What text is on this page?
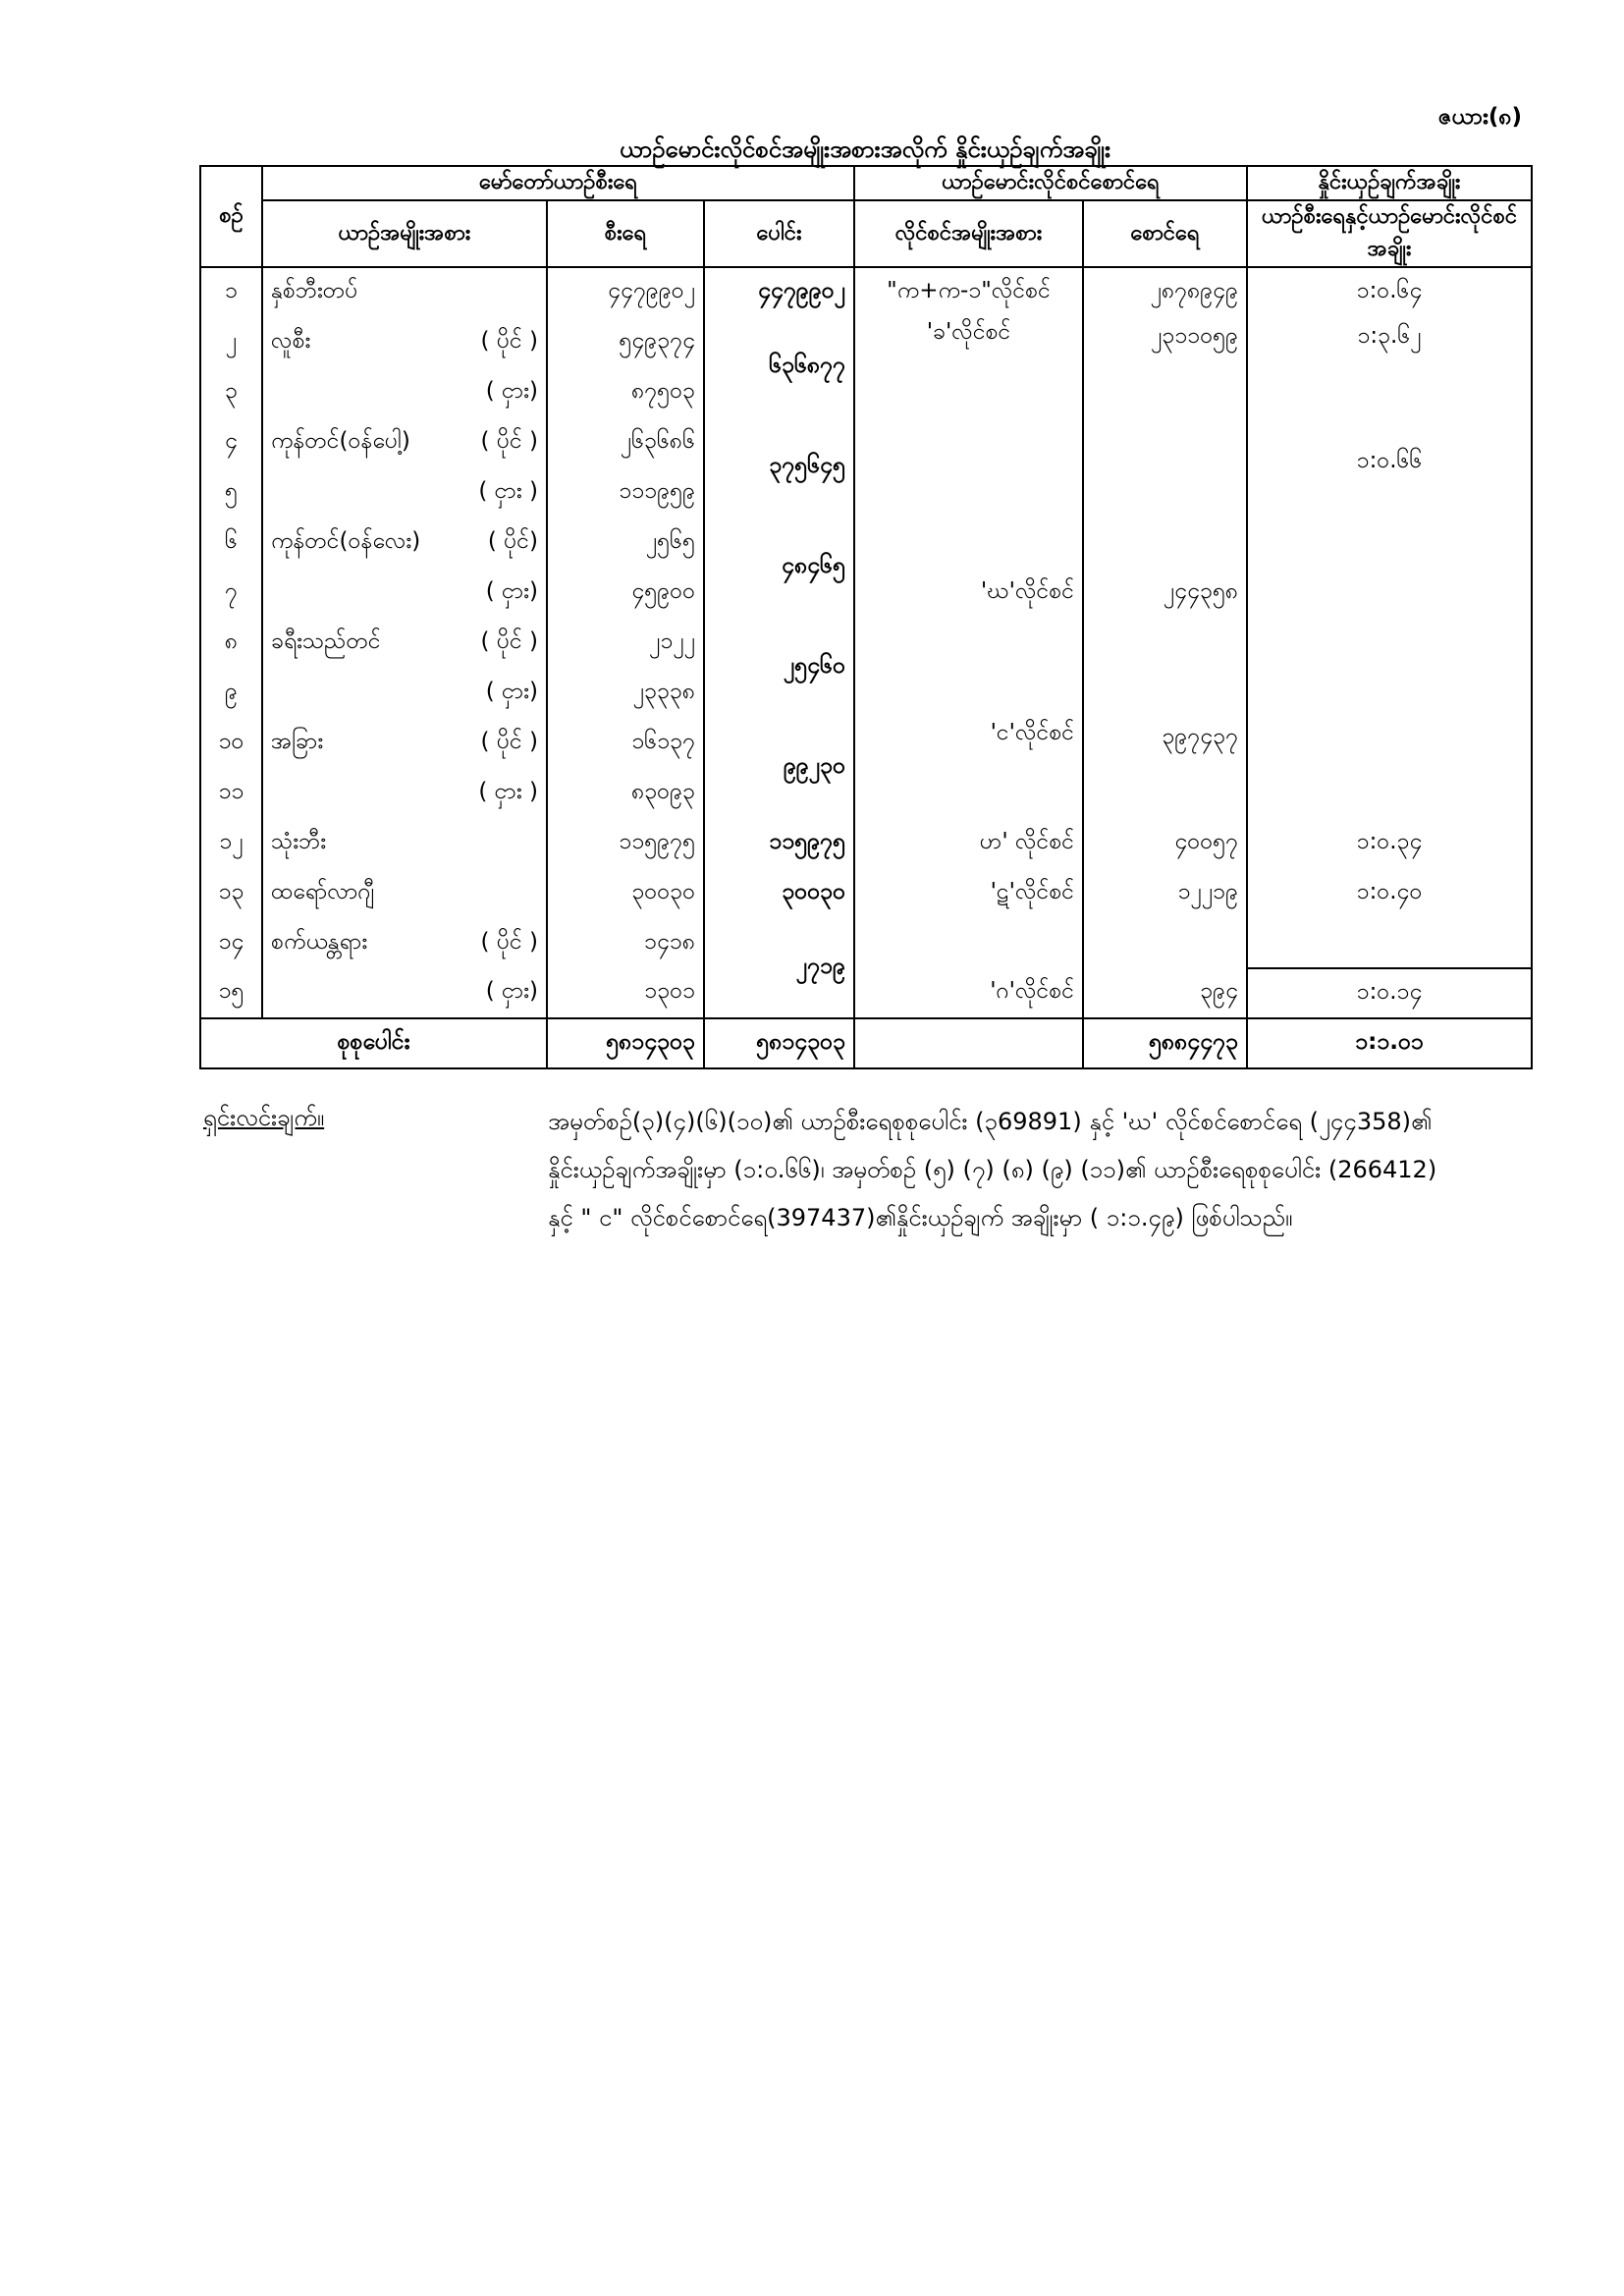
ဇယား(၈)
ယာဉ်မောင်းလိုင်စင်အမျိုးအစားအလိုက် နှိုင်းယှဉ်ချက်အချိုး
စဉ်	မော်တော်ယာဉ်စီးရေ			ယာဉ်မောင်းလိုင်စင်စောင်ရေ		နှိုင်းယှဉ်ချက်အချိုး
	ယာဉ်အမျိုးအစား	စီးရေ	ပေါင်း	လိုင်စင်အမျိုးအစား	စောင်ရေ	ယာဉ်စီးရေနှင့်ယာဉ်မောင်းလိုင်စင်အချိုး
၁	နှစ်ဘီးတပ်	၄၄၇၉၉၀၂	၄၄၇၉၉၀၂	"က+က-၁"လိုင်စင်	၂၈၇၈၉၄၉	၁:၀.၆၄
၂	လူစီး ( ပိုင် )	၅၄၉၃၇၄	၆၃၆၈၇၇	'ခ'လိုင်စင်	၂၃၁၁၀၅၉	၁:၃.၆၂
၃	( ငှား)	၈၇၅၀၃				၁:၀.၆၆
၄	ကုန်တင်(ဝန်ပေါ့) ( ပိုင် )	၂၆၃၆၈၆	၃၇၅၆၄၅			
၅	( ငှား )	၁၁၁၉၅၉				
၆	ကုန်တင်(ဝန်လေး) ( ပိုင်)	၂၅၆၅	၄၈၄၆၅	'ဃ'လိုင်စင်	၂၄၄၃၅၈	
၇	( ငှား)	၄၅၉၀၀				
၈	ခရီးသည်တင် ( ပိုင် )	၂၁၂၂	၂၅၄၆၀			
၉	( ငှား)	၂၃၃၃၈				
၁၀	အခြား ( ပိုင် )	၁၆၁၃၇	၉၉၂၃၀	'င'လိုင်စင်	၃၉၇၄၃၇	
၁၁	( ငှား )	၈၃၀၉၃				
၁၂	သုံးဘီး	၁၁၅၉၇၅	၁၁၅၉၇၅	ဟ' လိုင်စင်	၄၀၀၅၇	၁:၀.၃၄
၁၃	ထရော်လာဂျီ	၃၀၀၃၀	၃၀၀၃၀	'ဋ'လိုင်စင်	၁၂၂၁၉	၁:၀.၄၀
၁၄	စက်ယန္တရား ( ပိုင် )	၁၄၁၈	၂၇၁၉			
၁၅	( ငှား)	၁၃၀၁		'ဂ'လိုင်စင်	၃၉၄	၁:၀.၁၄
စုစုပေါင်း		၅၈၁၄၃၀၃	၅၈၁၄၃၀၃		၅၈၈၄၄၇၃	၁:၁.၀၁
ရှင်းလင်းချက်။	အမှတ်စဉ်(၃)(၄)(၆)(၁၀)၏ ယာဉ်စီးရေစုစုပေါင်း (၃69891) နှင့် 'ဃ' လိုင်စင်စောင်ရေ (၂၄၄358)၏ နှိုင်းယှဉ်ချက်အချိုးမှာ (၁:၀.၆၆)၊ အမှတ်စဉ် (၅) (၇) (၈) (၉) (၁၁)၏ ယာဉ်စီးရေစုစုပေါင်း (266412) နှင့် " င" လိုင်စင်စောင်ရေ(397437)၏နှိုင်းယှဉ်ချက် အချိုးမှာ ( ၁:၁.၄၉) ဖြစ်ပါသည်။
